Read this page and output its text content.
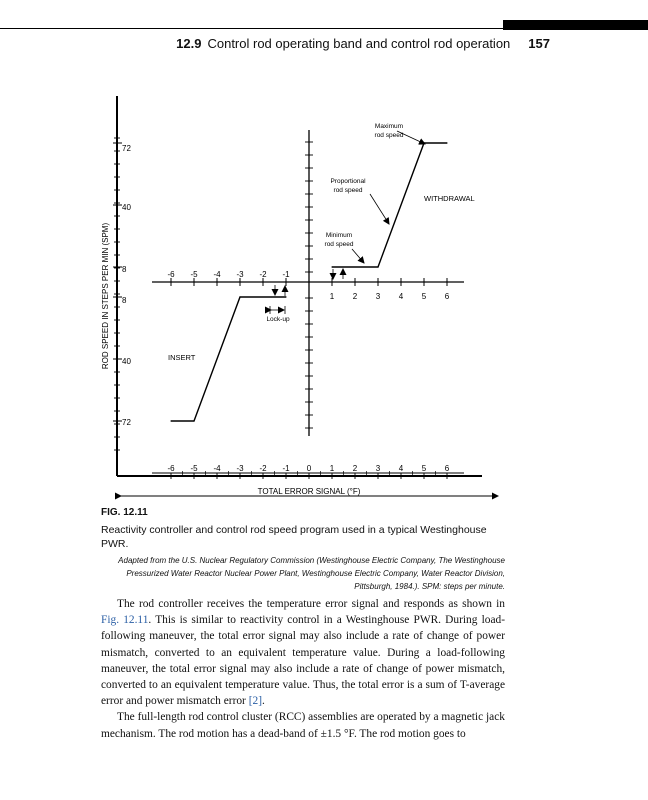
12.9 Control rod operating band and control rod operation 157
72
40
8
8
40
72
-6 -5 -4 -3 -2 -1
1 2 3 4 5 6
-6 -5 -4 -3 -2 -1 0 1 2 3 4 5 6
TOTAL ERROR SIGNAL (°F)
ROD SPEED IN STEPS PER MIN (SPM)
WITHDRAWAL
INSERT
Maximum
rod speed
Proportional
rod speed
Minimum
rod speed
Lock-up
FIG. 12.11
Reactivity controller and control rod speed program used in a typical Westinghouse PWR.
Adapted from the U.S. Nuclear Regulatory Commission (Westinghouse Electric Company, The Westinghouse
Pressurized Water Reactor Nuclear Power Plant, Westinghouse Electric Company, Water Reactor Division,
Pittsburgh, 1984.). SPM: steps per minute.

The rod controller receives the temperature error signal and responds as shown in Fig. 12.11. This is similar to reactivity control in a Westinghouse PWR. During load-following maneuver, the total error signal may also include a rate of change of power mismatch, converted to an equivalent temperature value. During a load-following maneuver, the total error signal may also include a rate of change of power mismatch, converted to an equivalent temperature value. Thus, the total error is a sum of T-average error and power mismatch error [2].

The full-length rod control cluster (RCC) assemblies are operated by a magnetic jack mechanism. The rod motion has a dead-band of ±1.5 °F. The rod motion goes to
